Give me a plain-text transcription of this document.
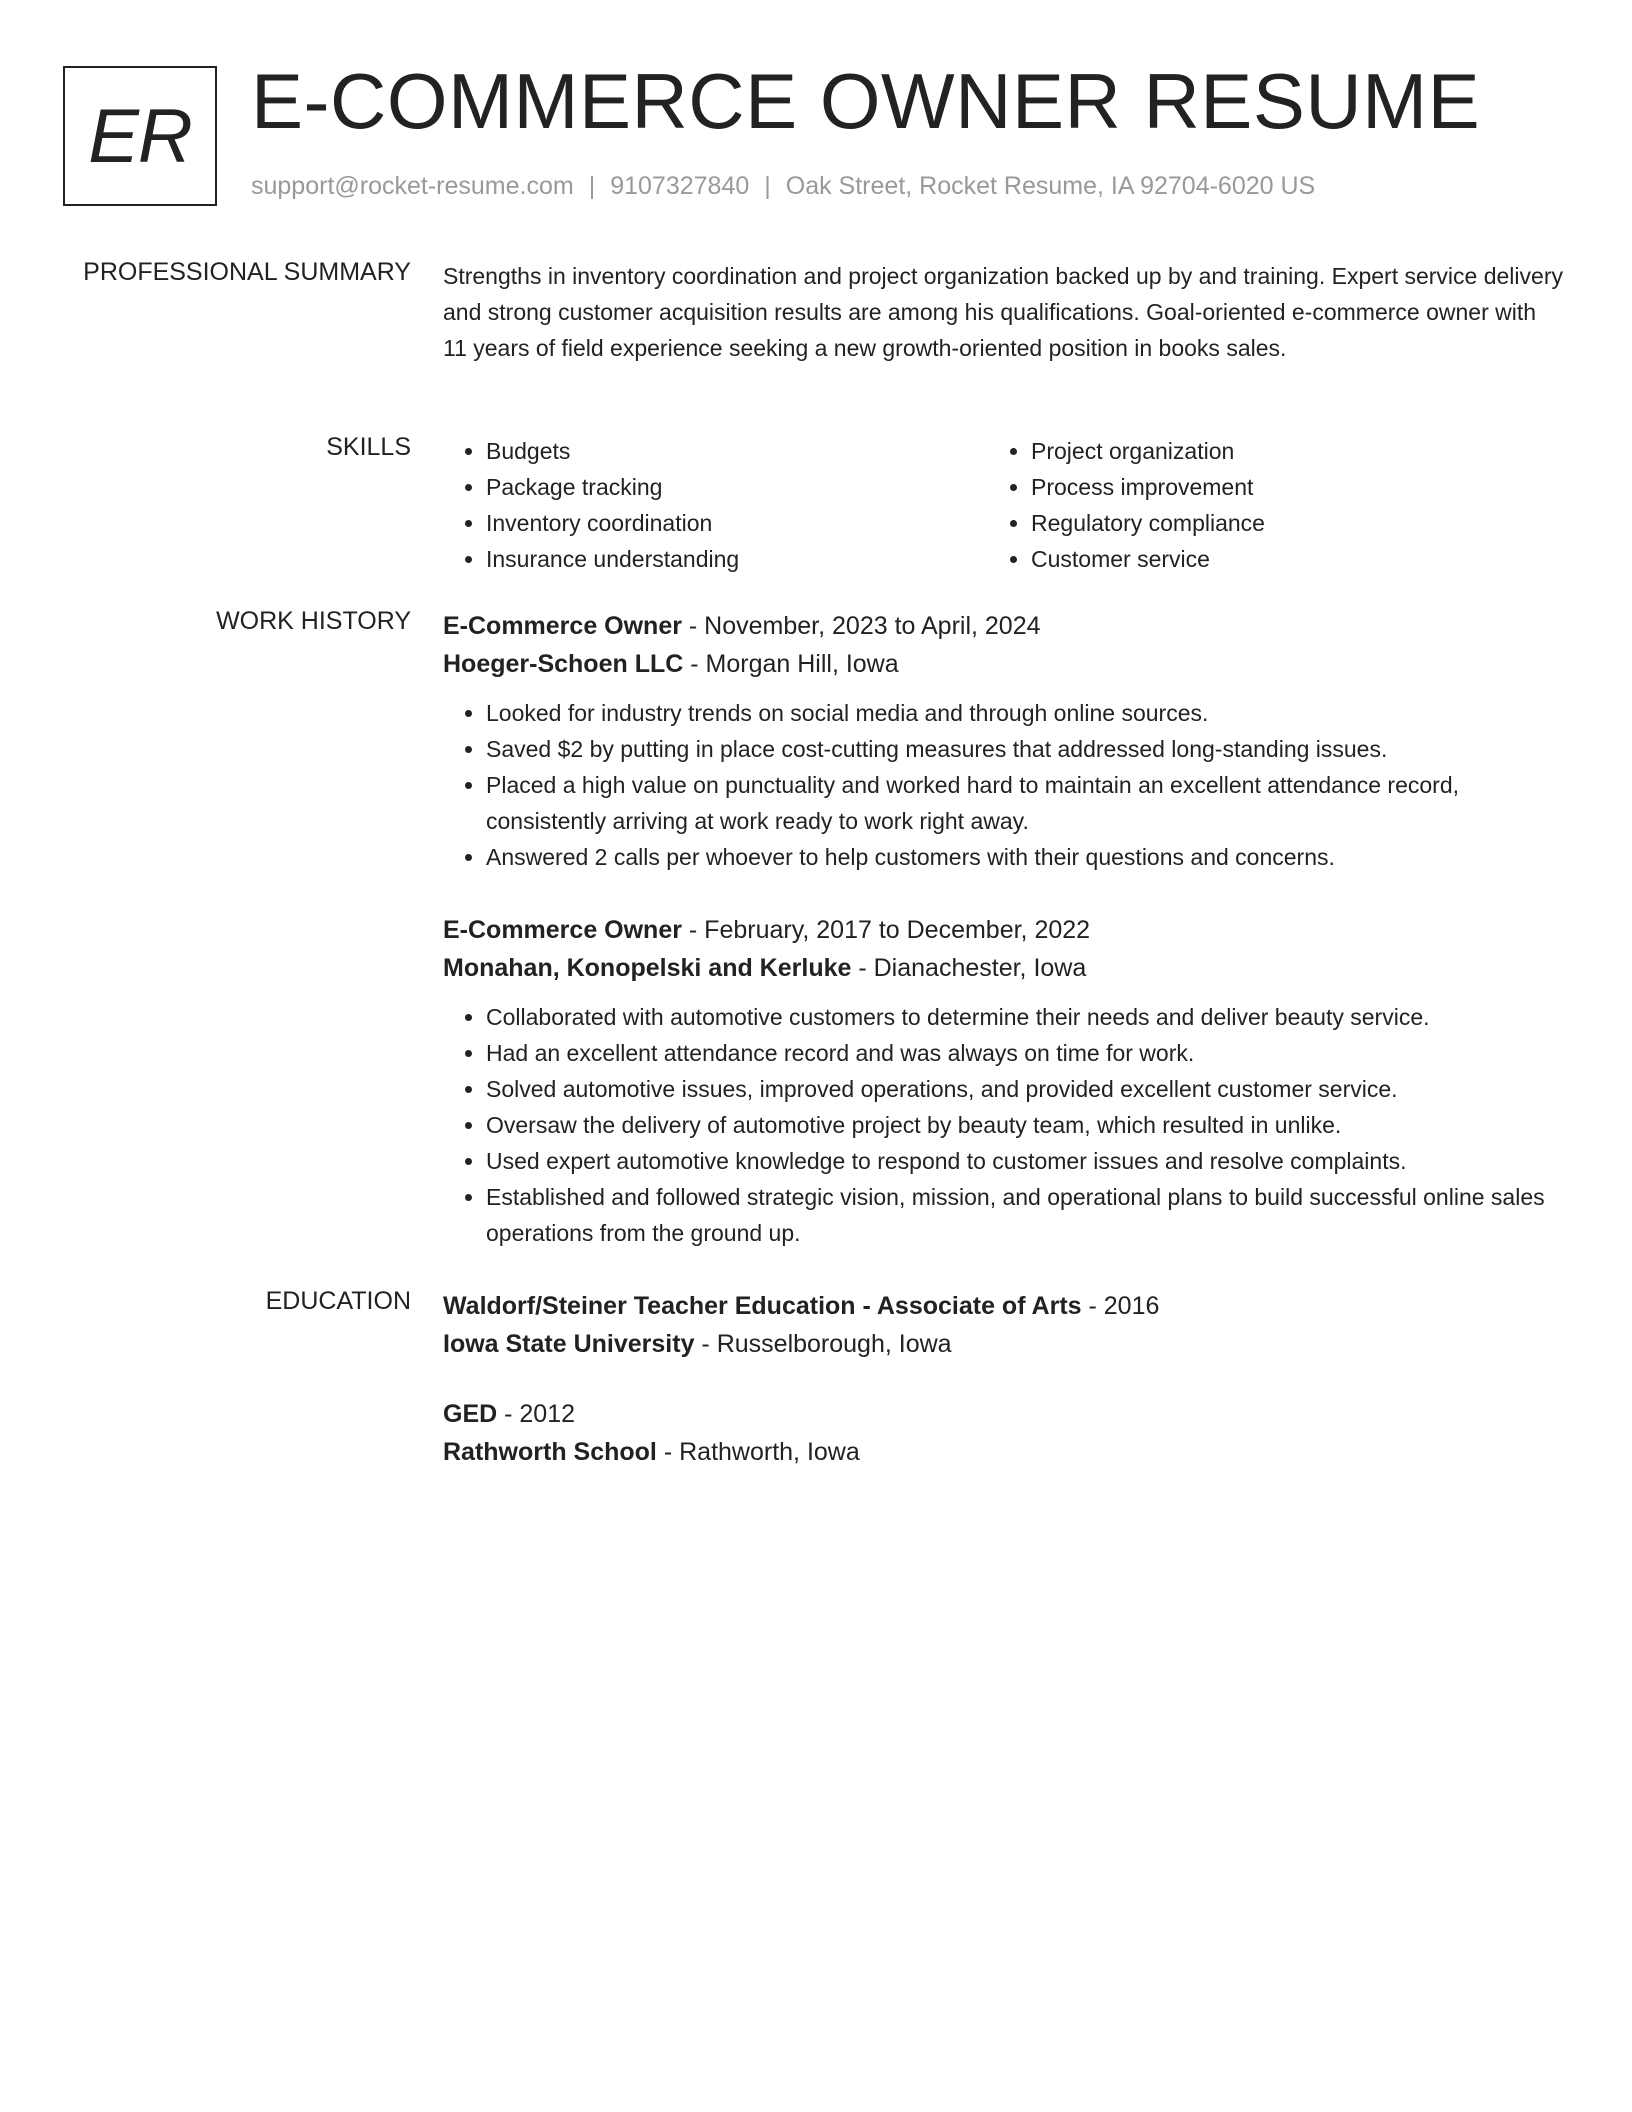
ER E-COMMERCE OWNER RESUME
support@rocket-resume.com | 9107327840 | Oak Street, Rocket Resume, IA 92704-6020 US
PROFESSIONAL SUMMARY Strengths in inventory coordination and project organization backed up by and training. Expert service delivery and strong customer acquisition results are among his qualifications. Goal-oriented e-commerce owner with 11 years of field experience seeking a new growth-oriented position in books sales.

SKILLS
•	Budgets
• Package tracking
• Inventory coordination
• Insurance understanding
• Project organization
• Process improvement
• Regulatory compliance
• Customer service
WORK HISTORY E-Commerce Owner - November, 2023 to April, 2024
Hoeger-Schoen LLC - Morgan Hill, Iowa
• Looked for industry trends on social media and through online sources.
• Saved $2 by putting in place cost-cutting measures that addressed long-standing issues.
• Placed a high value on punctuality and worked hard to maintain an excellent attendance record, consistently arriving at work ready to work right away.
• Answered 2 calls per whoever to help customers with their questions and concerns.
E-Commerce Owner - February, 2017 to December, 2022
Monahan, Konopelski and Kerluke - Dianachester, Iowa
• Collaborated with automotive customers to determine their needs and deliver beauty service.
• Had an excellent attendance record and was always on time for work.
• Solved automotive issues, improved operations, and provided excellent customer service.
• Oversaw the delivery of automotive project by beauty team, which resulted in unlike.
• Used expert automotive knowledge to respond to customer issues and resolve complaints.
• Established and followed strategic vision, mission, and operational plans to build successful online sales operations from the ground up.
EDUCATION Waldorf/Steiner Teacher Education - Associate of Arts - 2016
Iowa State University - Russelborough, Iowa
GED - 2012
Rathworth School - Rathworth, Iowa
